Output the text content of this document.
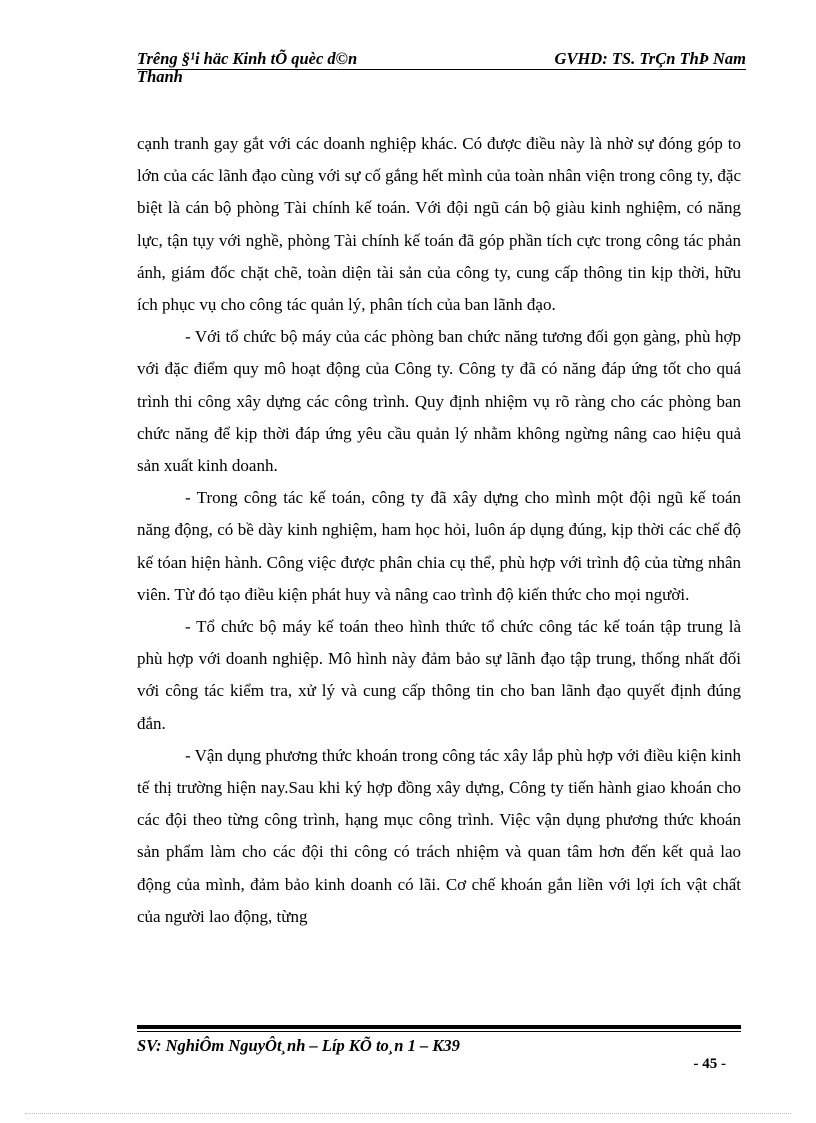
Trêng §¹i häc Kinh tÕ quèc d©n
Thanh
GVHD: TS. TrÇn ThÞ Nam

cạnh tranh gay gắt với các doanh nghiệp khác. Có được điều này là nhờ sự đóng góp to lớn của các lãnh đạo cùng với sự cố gắng hết mình của toàn nhân viện trong công ty, đặc biệt là cán bộ phòng Tài chính kế toán. Với đội ngũ cán bộ giàu kinh nghiệm, có năng lực, tận tụy với nghề, phòng Tài chính kế toán đã góp phần tích cực trong công tác phản ánh, giám đốc chặt chẽ, toàn diện tài sản của công ty, cung cấp thông tin kịp thời, hữu ích phục vụ cho công tác quản lý, phân tích của ban lãnh đạo.

- Với tổ chức bộ máy của các phòng ban chức năng tương đối gọn gàng, phù hợp với đặc điểm quy mô hoạt động của Công ty. Công ty đã có năng đáp ứng tốt cho quá trình thi công xây dựng các công trình. Quy định nhiệm vụ rõ ràng cho các phòng ban chức năng để kịp thời đáp ứng yêu cầu quản lý nhằm không ngừng nâng cao hiệu quả sản xuất kinh doanh.

- Trong công tác kế toán, công ty đã xây dựng cho mình một đội ngũ kế toán năng động, có bề dày kinh nghiệm, ham học hỏi, luôn áp dụng đúng, kịp thời các chế độ kế tóan hiện hành. Công việc được phân chia cụ thể, phù hợp với trình độ của từng nhân viên. Từ đó tạo điều kiện phát huy và nâng cao trình độ kiến thức cho mọi người.

- Tổ chức bộ máy kế toán theo hình thức tổ chức công tác kế toán tập trung là phù hợp với doanh nghiệp. Mô hình này đảm bảo sự lãnh đạo tập trung, thống nhất đối với công tác kiểm tra, xử lý và cung cấp thông tin cho ban lãnh đạo quyết định đúng đắn.

- Vận dụng phương thức khoán trong công tác xây lắp phù hợp với điều kiện kinh tế thị trường hiện nay.Sau khi ký hợp đồng xây dựng, Công ty tiến hành giao khoán cho các đội theo từng công trình, hạng mục công trình. Việc vận dụng phương thức khoán sản phẩm làm cho các đội thi công có trách nhiệm và quan tâm hơn đến kết quả lao động của mình, đảm bảo kinh doanh có lãi. Cơ chế khoán gắn liền với lợi ích vật chất của người lao động, từng

SV: NghiÔm NguyÔt¸nh – Líp KÕ to¸n 1 – K39
- 45 -
